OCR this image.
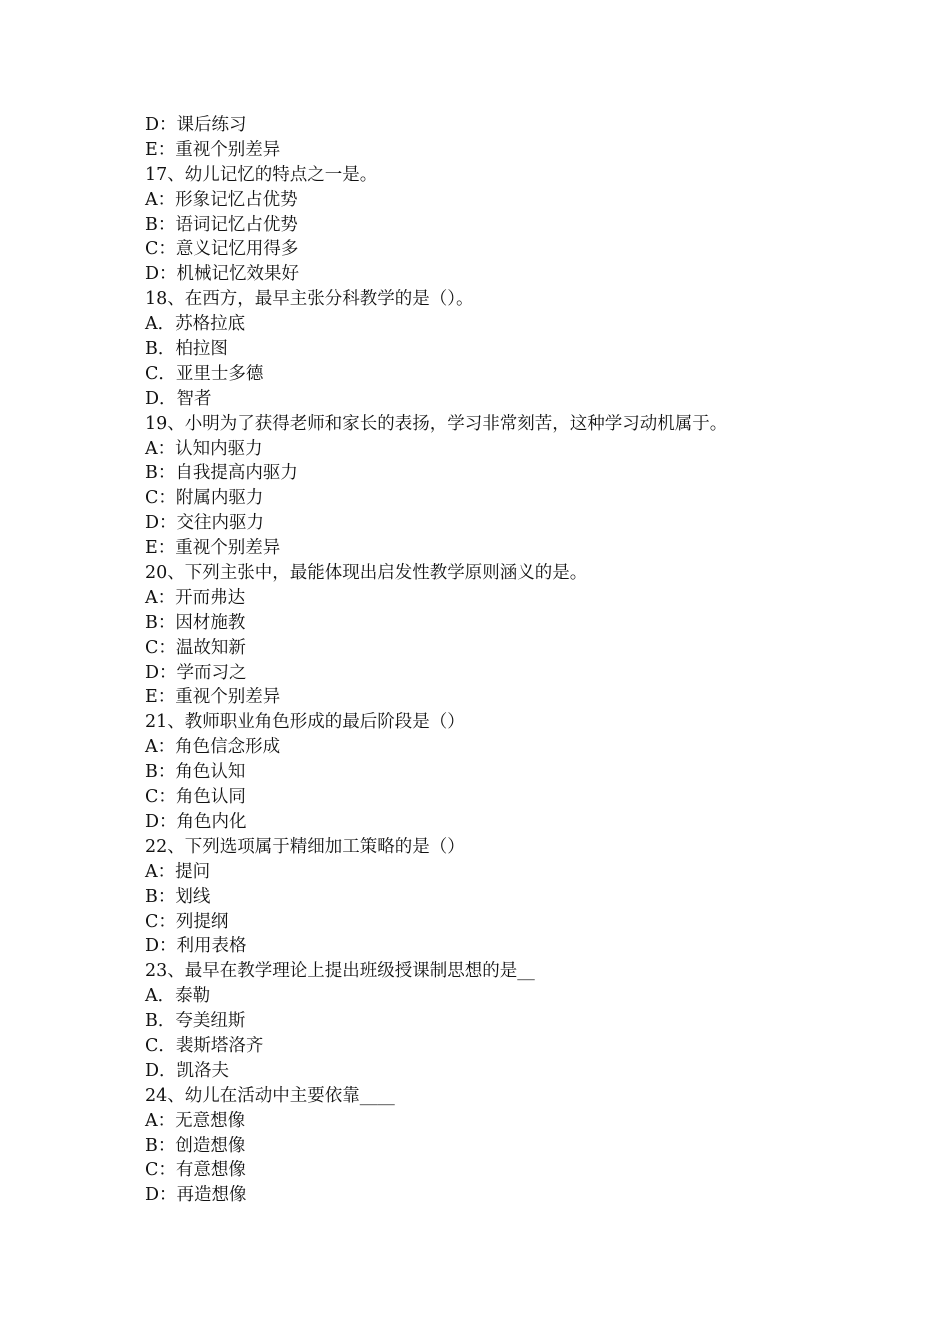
D：课后练习
E：重视个别差异
17、幼儿记忆的特点之一是。
A：形象记忆占优势
B：语词记忆占优势
C：意义记忆用得多
D：机械记忆效果好
18、在西方，最早主张分科教学的是（）。
A．苏格拉底
B．柏拉图
C．亚里士多德
D．智者
19、小明为了获得老师和家长的表扬，学习非常刻苦，这种学习动机属于。
A：认知内驱力
B：自我提高内驱力
C：附属内驱力
D：交往内驱力
E：重视个别差异
20、下列主张中，最能体现出启发性教学原则涵义的是。
A：开而弗达
B：因材施教
C：温故知新
D：学而习之
E：重视个别差异
21、教师职业角色形成的最后阶段是（）
A：角色信念形成
B：角色认知
C：角色认同
D：角色内化
22、下列选项属于精细加工策略的是（）
A：提问
B：划线
C：列提纲
D：利用表格
23、最早在教学理论上提出班级授课制思想的是__
A．泰勒
B．夸美纽斯
C．裴斯塔洛齐
D．凯洛夫
24、幼儿在活动中主要依靠____
A：无意想像
B：创造想像
C：有意想像
D：再造想像
